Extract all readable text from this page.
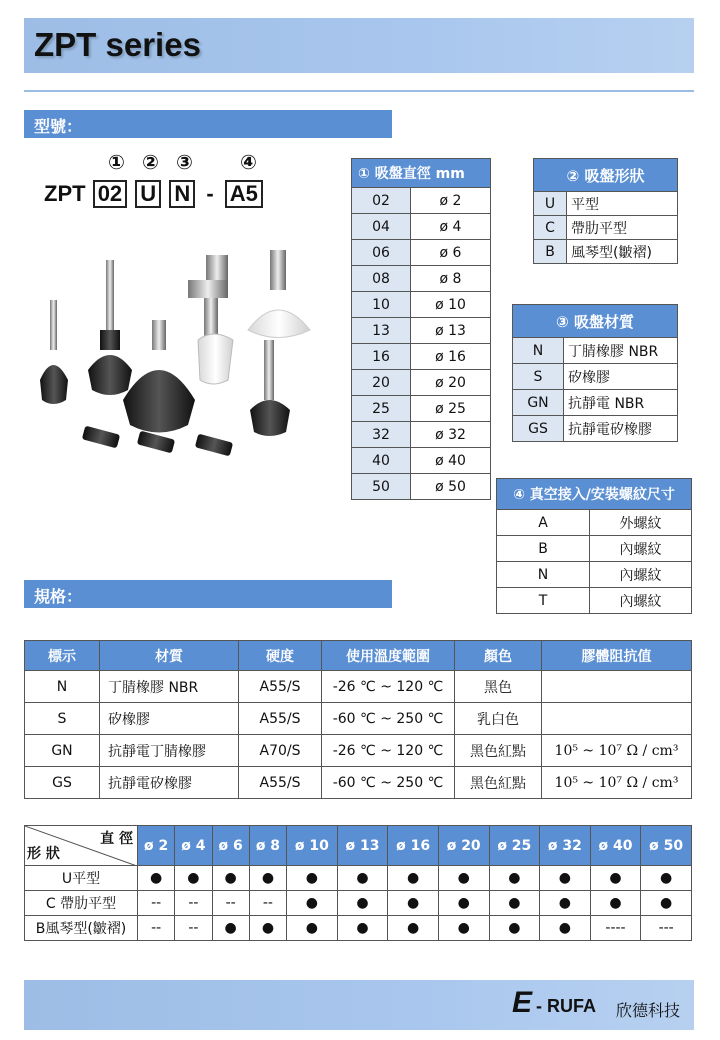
ZPT series
型號：
① ② ③ ④
ZPT 02 U N - A5
① 吸盤直徑 mm	
02	ø 2
04	ø 4
06	ø 6
08	ø 8
10	ø 10
13	ø 13
16	ø 16
20	ø 20
25	ø 25
32	ø 32
40	ø 40
50	ø 50
② 吸盤形狀	
U	平型
C	帶肋平型
B	風琴型(皺褶)
③ 吸盤材質	
N	丁腈橡膠 NBR
S	矽橡膠
GN	抗靜電 NBR
GS	抗靜電矽橡膠
④ 真空接入/安裝螺紋尺寸	
A	外螺紋
B	內螺紋
N	內螺紋
T	內螺紋
規格：
標示	材質	硬度	使用溫度範圍	顏色	膠體阻抗值
N	丁腈橡膠 NBR	A55/S	-26 ℃ ~ 120 ℃	黑色	
S	矽橡膠	A55/S	-60 ℃ ~ 250 ℃	乳白色	
GN	抗靜電丁腈橡膠	A70/S	-26 ℃ ~ 120 ℃	黑色紅點	10⁵ ~ 10⁷ Ω / cm³
GS	抗靜電矽橡膠	A55/S	-60 ℃ ~ 250 ℃	黑色紅點	10⁵ ~ 10⁷ Ω / cm³
直 徑
形 狀	ø 2	ø 4	ø 6	ø 8	ø 10	ø 13	ø 16	ø 20	ø 25	ø 32	ø 40	ø 50
U平型	●	●	●	●	●	●	●	●	●	●	●	●
C 帶肋平型	--	--	--	--	●	●	●	●	●	●	●	●
B風琴型(皺褶)	--	--	●	●	●	●	●	●	●	●	----	---
E - RUFA 欣德科技
